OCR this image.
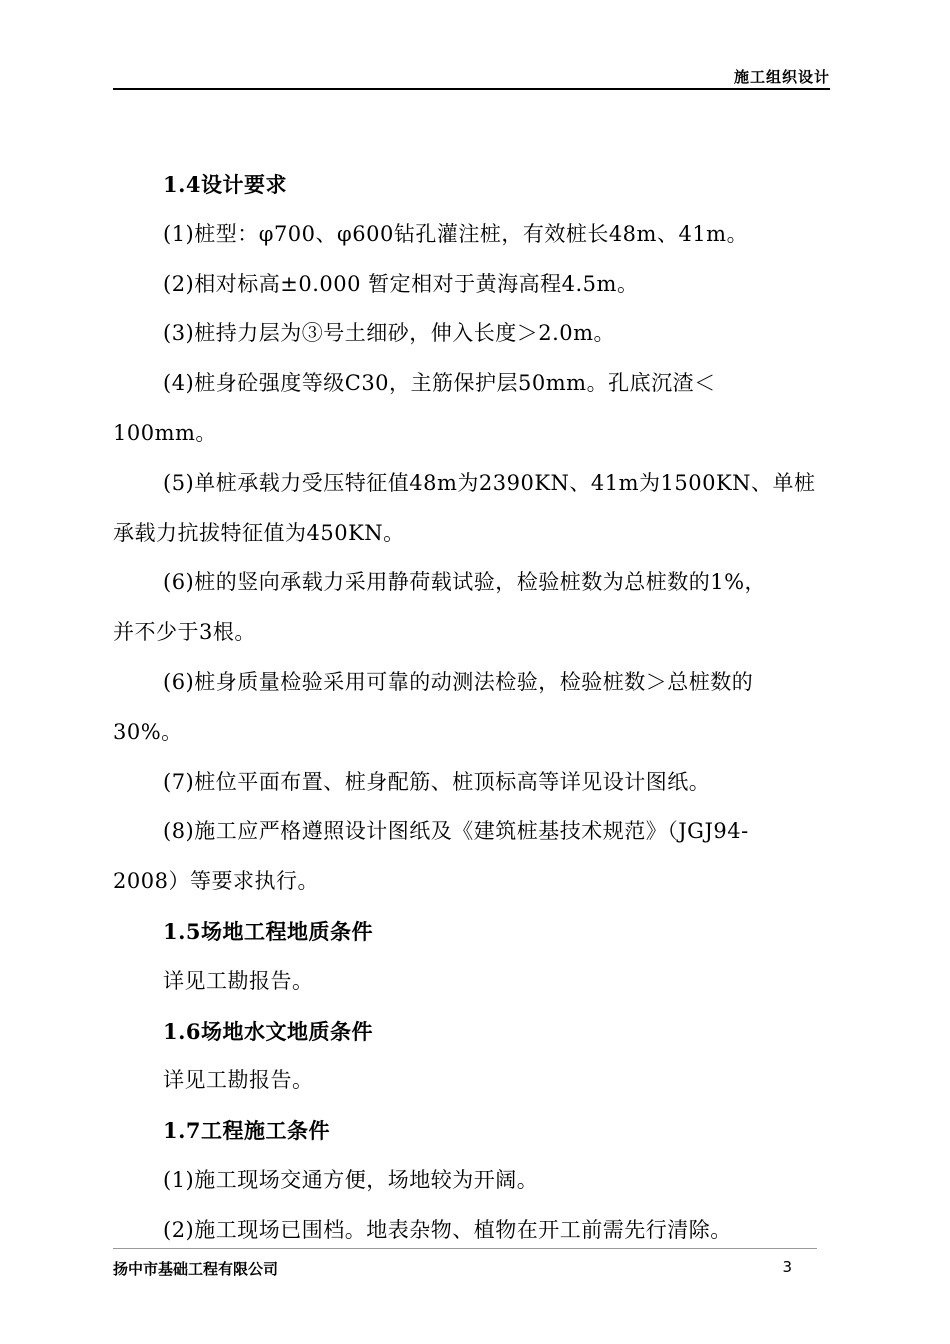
施工组织设计
1.4设计要求
(1)桩型：φ700、φ600钻孔灌注桩，有效桩长48m、41m。
(2)相对标高±0.000 暂定相对于黄海高程4.5m。
(3)桩持力层为③号土细砂，伸入长度＞2.0m。
(4)桩身砼强度等级C30，主筋保护层50mm。孔底沉渣＜
100mm。
(5)单桩承载力受压特征值48m为2390KN、41m为1500KN、单桩
承载力抗拔特征值为450KN。
(6)桩的竖向承载力采用静荷载试验，检验桩数为总桩数的1%，
并不少于3根。
(6)桩身质量检验采用可靠的动测法检验，检验桩数＞总桩数的
30%。
(7)桩位平面布置、桩身配筋、桩顶标高等详见设计图纸。
(8)施工应严格遵照设计图纸及《建筑桩基技术规范》（JGJ94-
2008）等要求执行。
1.5场地工程地质条件
详见工勘报告。
1.6场地水文地质条件
详见工勘报告。
1.7工程施工条件
(1)施工现场交通方便，场地较为开阔。
(2)施工现场已围档。地表杂物、植物在开工前需先行清除。
扬中市基础工程有限公司	3
